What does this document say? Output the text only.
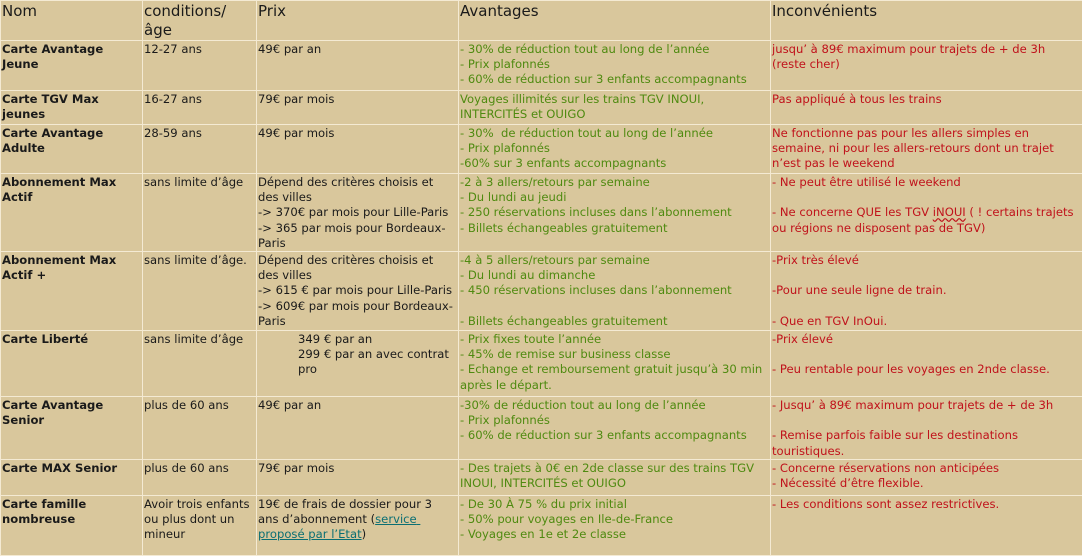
Nom	conditions/âge	Prix	Avantages	Inconvénients

Carte Avantage Jeune	12-27 ans	49€ par an	- 30% de réduction tout au long de l’année
- Prix plafonnés
- 60% de réduction sur 3 enfants accompagnants	jusqu’ à 89€ maximum pour trajets de + de 3h (reste cher)

Carte TGV Max jeunes	16-27 ans	79€ par mois	Voyages illimités sur les trains TGV INOUI, INTERCITÉS et OUIGO	Pas appliqué à tous les trains

Carte Avantage Adulte	28-59 ans	49€ par mois	- 30%  de réduction tout au long de l’année
- Prix plafonnés
-60% sur 3 enfants accompagnants	Ne fonctionne pas pour les allers simples en semaine, ni pour les allers-retours dont un trajet n’est pas le weekend

Abonnement Max Actif	sans limite d’âge	Dépend des critères choisis et des villes
-> 370€ par mois pour Lille-Paris
-> 365 par mois pour Bordeaux-Paris	-2 à 3 allers/retours par semaine
- Du lundi au jeudi
- 250 réservations incluses dans l’abonnement
- Billets échangeables gratuitement	- Ne peut être utilisé le weekend
- Ne concerne QUE les TGV iNOUI ( ! certains trajets ou régions ne disposent pas de TGV)

Abonnement Max Actif +	sans limite d’âge.	Dépend des critères choisis et des villes
-> 615 € par mois pour Lille-Paris
-> 609€ par mois pour Bordeaux-Paris	-4 à 5 allers/retours par semaine
- Du lundi au dimanche
- 450 réservations incluses dans l’abonnement
- Billets échangeables gratuitement	-Prix très élevé
-Pour une seule ligne de train.
- Que en TGV InOui.

Carte Liberté	sans limite d’âge	349 € par an
299 € par an avec contrat pro	- Prix fixes toute l’année
- 45% de remise sur business classe
- Echange et remboursement gratuit jusqu’à 30 min après le départ.	-Prix élevé
- Peu rentable pour les voyages en 2nde classe.

Carte Avantage Senior	plus de 60 ans	49€ par an	-30% de réduction tout au long de l’année
- Prix plafonnés
- 60% de réduction sur 3 enfants accompagnants	- Jusqu’ à 89€ maximum pour trajets de + de 3h
- Remise parfois faible sur les destinations touristiques.

Carte MAX Senior	plus de 60 ans	79€ par mois	- Des trajets à 0€ en 2de classe sur des trains TGV INOUI, INTERCITÉS et OUIGO	- Concerne réservations non anticipées
- Nécessité d’être flexible.

Carte famille nombreuse	Avoir trois enfants ou plus dont un mineur	19€ de frais de dossier pour 3 ans d’abonnement (service proposé par l’Etat)	- De 30 À 75 % du prix initial
- 50% pour voyages en Ile-de-France
- Voyages en 1e et 2e classe	- Les conditions sont assez restrictives.
